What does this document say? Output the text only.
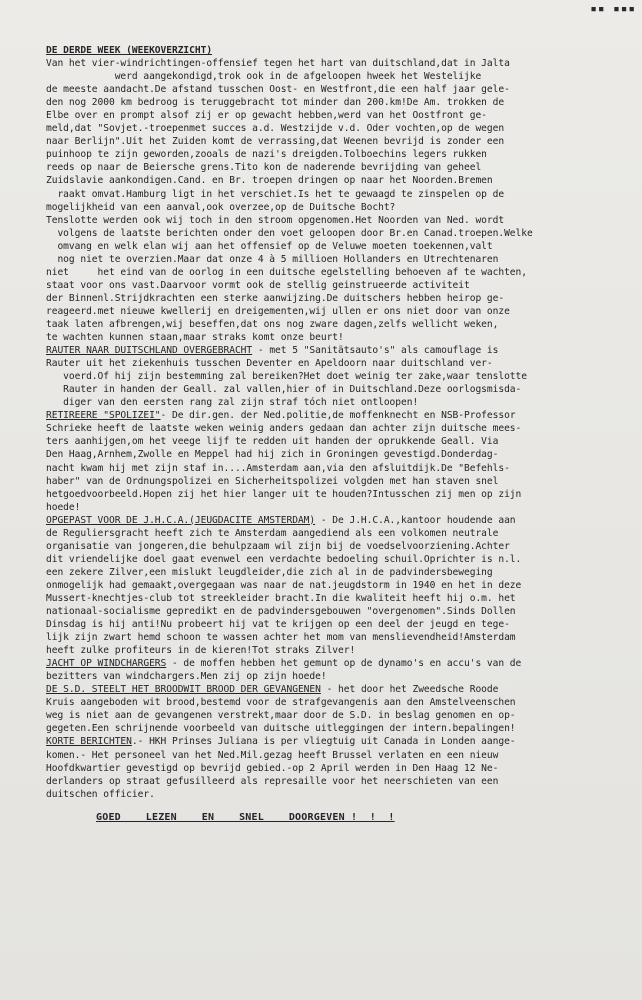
▪▪ ▪▪▪
DE DERDE WEEK (WEEKOVERZICHT)
Van het vier-windrichtingen-offensief tegen het hart van duitschland,dat in Jalta
werd aangekondigd,trok ook in de afgeloopen hweek het Westelijke
de meeste aandacht.De afstand tusschen Oost- en Westfront,die een half jaar gele-
den nog 2000 km bedroog is teruggebracht tot minder dan 200.km!De Am. trokken de
Elbe over en prompt alsof zij er op gewacht hebben,werd van het Oostfront ge-
meld,dat "Sovjet.-troepenmet succes a.d. Westzijde v.d. Oder vochten,op de wegen
naar Berlijn".Uit het Zuiden komt de verrassing,dat Weenen bevrijd is zonder een
puinhoop te zijn geworden,zooals de nazi's dreigden.Tolboechins legers rukken
reeds op naar de Beiersche grens.Tito kon de naderende bevrijding van geheel
Zuidslavie aankondigen.Cand. en Br. troepen dringen op naar het Noorden.Bremen
raakt omvat.Hamburg ligt in het verschiet.Is het te gewaagd te zinspelen op de
mogelijkheid van een aanval,ook overzee,op de Duitsche Bocht?
Tenslotte werden ook wij toch in den stroom opgenomen.Het Noorden van Ned. wordt
volgens de laatste berichten onder den voet geloopen door Br.en Canad.troepen.Welke
omvang en welk elan wij aan het offensief op de Veluwe moeten toekennen,valt
nog niet te overzien.Maar dat onze 4 à 5 millioen Hollanders en Utrechtenaren
niet     het eind van de oorlog in een duitsche egelstelling behoeven af te wachten,
staat voor ons vast.Daarvoor vormt ook de stellig geinstrueerde activiteit
der Binnenl.Strijdkrachten een sterke aanwijzing.De duitschers hebben heirop ge-
reageerd.met nieuwe kwellerij en dreigementen,wij ullen er ons niet door van onze
taak laten afbrengen,wij beseffen,dat ons nog zware dagen,zelfs wellicht weken,
te wachten kunnen staan,maar straks komt onze beurt!
RAUTER NAAR DUITSCHLAND OVERGEBRACHT - met 5 "Sanitätsauto's" als camouflage is
Rauter uit het ziekenhuis tusschen Deventer en Apeldoorn naar duitschland ver-
voerd.Of hij zijn bestemming zal bereiken?Het doet weinig ter zake,waar tenslotte
Rauter in handen der Geall. zal vallen,hier of in Duitschland.Deze oorlogsmisda-
diger van den eersten rang zal zijn straf tóch niet ontloopen!
RETIREERE "SPOLIZEI"- De dir.gen. der Ned.politie,de moffenknecht en NSB-Professor
Schrieke heeft de laatste weken weinig anders gedaan dan achter zijn duitsche mees-
ters aanhijgen,om het veege lijf te redden uit handen der oprukkende Geall. Via
Den Haag,Arnhem,Zwolle en Meppel had hij zich in Groningen gevestigd.Donderdag-
nacht kwam hij met zijn staf in....Amsterdam aan,via den afsluitdijk.De "Befehls-
haber" van de Ordnungspolizei en Sicherheitspolizei volgden met han staven snel
hetgoedvoorbeeld.Hopen zij het hier langer uit te houden?Intusschen zij men op zijn
hoede!
OPGEPAST VOOR DE J.H.C.A.(JEUGDACITE AMSTERDAM) - De J.H.C.A.,kantoor houdende aan
de Reguliersgracht heeft zich te Amsterdam aangediend als een volkomen neutrale
organisatie van jongeren,die behulpzaam wil zijn bij de voedselvoorziening.Achter
dit vriendelijke doel gaat evenwel een verdachte bedoeling schuil.Oprichter is n.l.
een zekere Zilver,een mislukt leugdleider,die zich al in de padvindersbeweging
onmogelijk had gemaakt,overgegaan was naar de nat.jeugdstorm in 1940 en het in deze
Mussert-knechtjes-club tot streekleider bracht.In die kwaliteit heeft hij o.m. het
nationaal-socialisme gepredikt en de padvindersgebouwen "overgenomen".Sinds Dollen
Dinsdag is hij anti!Nu probeert hij vat te krijgen op een deel der jeugd en tege-
lijk zijn zwart hemd schoon te wassen achter het mom van menslievendheid!Amsterdam
heeft zulke profiteurs in de kieren!Tot straks Zilver!
JACHT OP WINDCHARGERS - de moffen hebben het gemunt op de dynamo's en accu's van de
bezitters van windchargers.Men zij op zijn hoede!
DE S.D. STEELT HET BROODWIT BROOD DER GEVANGENEN - het door het Zweedsche Roode
Kruis aangeboden wit brood,bestemd voor de strafgevangenis aan den Amstelveenschen
weg is niet aan de gevangenen verstrekt,maar door de S.D. in beslag genomen en op-
gegeten.Een schrijnende voorbeeld van duitsche uitleggingen der intern.bepalingen!
KORTE BERICHTEN.- HKH Prinses Juliana is per vliegtuig uit Canada in Londen aange-
komen.- Het personeel van het Ned.Mil.gezag heeft Brussel verlaten en een nieuw
Hoofdkwartier gevestigd op bevrijd gebied.-op 2 April werden in Den Haag 12 Ne-
derlanders op straat gefusilleerd als represaille voor het neerschieten van een
duitschen officier.
GOED    LEZEN    EN    SNEL    DOORGEVEN !  !  !
